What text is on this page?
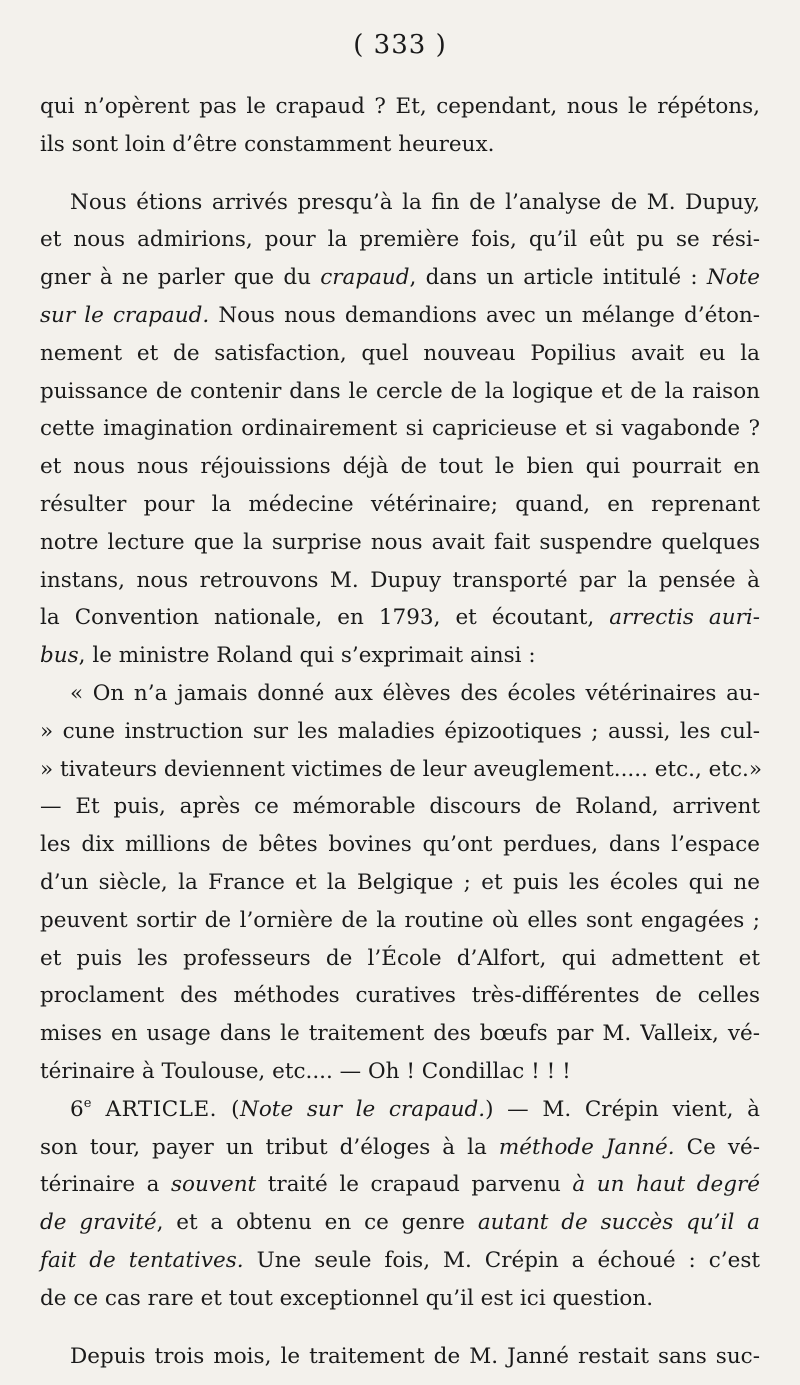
( 333 )
qui n’opèrent pas le crapaud ? Et, cependant, nous le répétons,
ils sont loin d’être constamment heureux.
Nous étions arrivés presqu’à la fin de l’analyse de M. Dupuy,
et nous admirions, pour la première fois, qu’il eût pu se rési-
gner à ne parler que du crapaud, dans un article intitulé : Note
sur le crapaud. Nous nous demandions avec un mélange d’éton-
nement et de satisfaction, quel nouveau Popilius avait eu la
puissance de contenir dans le cercle de la logique et de la raison
cette imagination ordinairement si capricieuse et si vagabonde ?
et nous nous réjouissions déjà de tout le bien qui pourrait en
résulter pour la médecine vétérinaire; quand, en reprenant
notre lecture que la surprise nous avait fait suspendre quelques
instans, nous retrouvons M. Dupuy transporté par la pensée à
la Convention nationale, en 1793, et écoutant, arrectis auri-
bus, le ministre Roland qui s’exprimait ainsi :
« On n’a jamais donné aux élèves des écoles vétérinaires au-
» cune instruction sur les maladies épizootiques ; aussi, les cul-
» tivateurs deviennent victimes de leur aveuglement..... etc., etc.»
— Et puis, après ce mémorable discours de Roland, arrivent
les dix millions de bêtes bovines qu’ont perdues, dans l’espace
d’un siècle, la France et la Belgique ; et puis les écoles qui ne
peuvent sortir de l’ornière de la routine où elles sont engagées ;
et puis les professeurs de l’École d’Alfort, qui admettent et
proclament des méthodes curatives très-différentes de celles
mises en usage dans le traitement des bœufs par M. Valleix, vé-
térinaire à Toulouse, etc.... — Oh ! Condillac ! ! !
6e ARTICLE. (Note sur le crapaud.) — M. Crépin vient, à
son tour, payer un tribut d’éloges à la méthode Janné. Ce vé-
térinaire a souvent traité le crapaud parvenu à un haut degré
de gravité, et a obtenu en ce genre autant de succès qu’il a
fait de tentatives. Une seule fois, M. Crépin a échoué : c’est
de ce cas rare et tout exceptionnel qu’il est ici question.
Depuis trois mois, le traitement de M. Janné restait sans suc-
